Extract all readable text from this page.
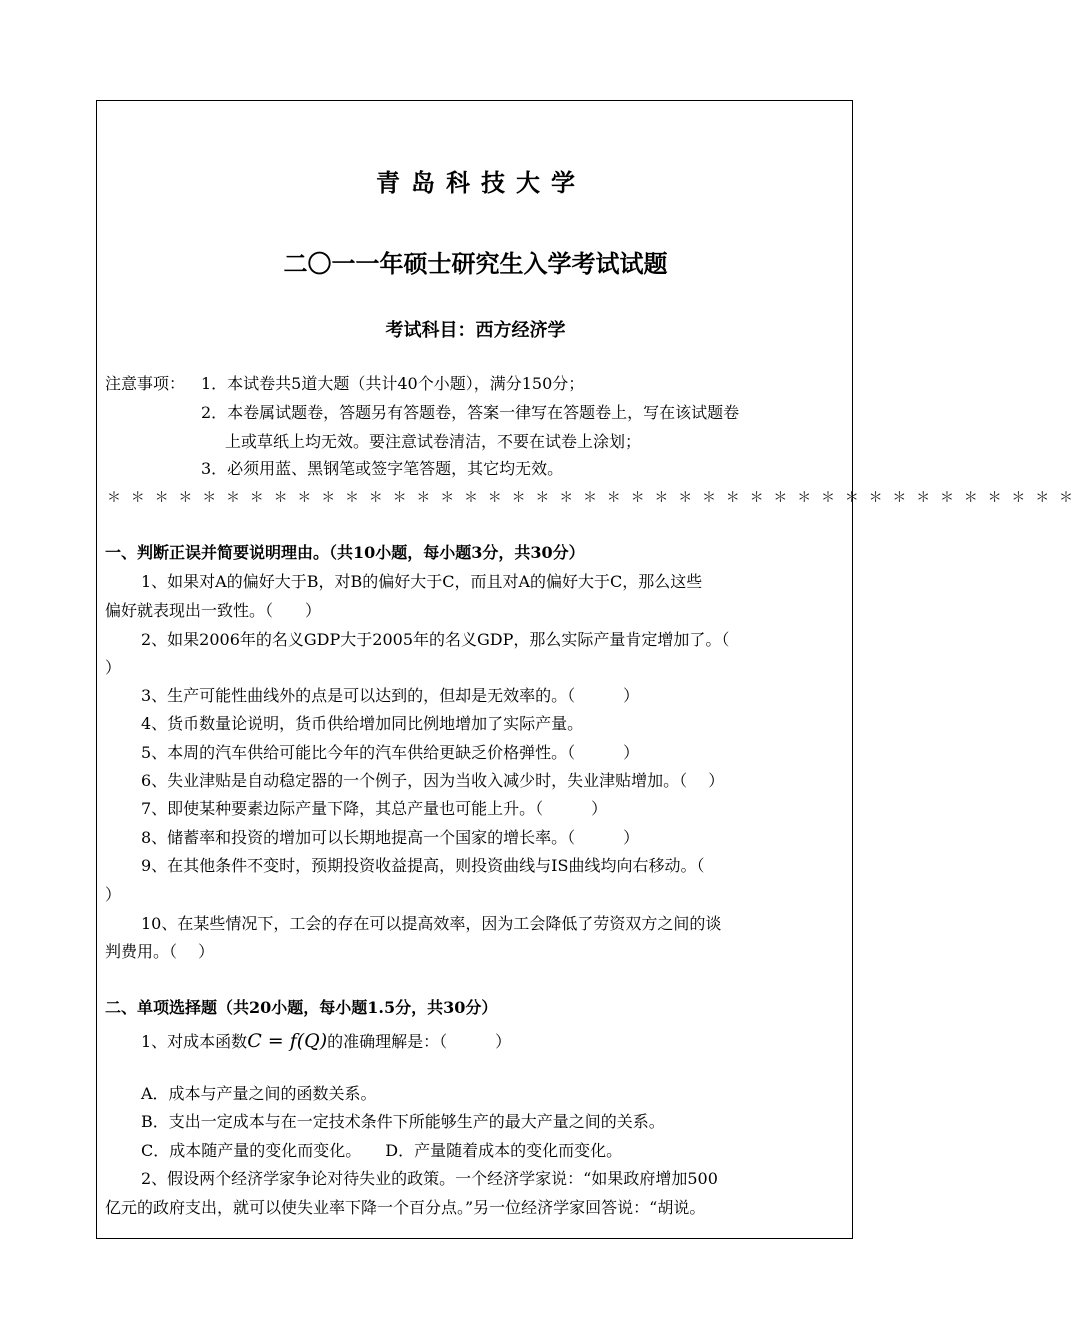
青岛科技大学
二〇一一年硕士研究生入学考试试题
考试科目：西方经济学
注意事项： 1．本试卷共5道大题（共计40个小题），满分150分；
2．本卷属试题卷，答题另有答题卷，答案一律写在答题卷上，写在该试题卷
上或草纸上均无效。要注意试卷清洁，不要在试卷上涂划；
3．必须用蓝、黑钢笔或签字笔答题，其它均无效。
＊＊＊＊＊＊＊＊＊＊＊＊＊＊＊＊＊＊＊＊＊＊＊＊＊＊＊＊＊＊＊＊＊＊＊＊＊＊＊＊＊
一、判断正误并简要说明理由。（共10小题，每小题3分，共30分）
1、如果对A的偏好大于B，对B的偏好大于C，而且对A的偏好大于C，那么这些
偏好就表现出一致性。（　　）
2、如果2006年的名义GDP大于2005年的名义GDP，那么实际产量肯定增加了。（
）
3、生产可能性曲线外的点是可以达到的，但却是无效率的。（　　　）
4、货币数量论说明，货币供给增加同比例地增加了实际产量。
5、本周的汽车供给可能比今年的汽车供给更缺乏价格弹性。（　　　）
6、失业津贴是自动稳定器的一个例子，因为当收入减少时，失业津贴增加。（　 ）
7、即使某种要素边际产量下降，其总产量也可能上升。（　　　）
8、储蓄率和投资的增加可以长期地提高一个国家的增长率。（　　　）
9、在其他条件不变时，预期投资收益提高，则投资曲线与IS曲线均向右移动。（
）
10、在某些情况下，工会的存在可以提高效率，因为工会降低了劳资双方之间的谈
判费用。（　 ）
二、单项选择题（共20小题，每小题1.5分，共30分）
1、对成本函数C = f(Q)的准确理解是：（　　　）
A．成本与产量之间的函数关系。
B．支出一定成本与在一定技术条件下所能够生产的最大产量之间的关系。
C．成本随产量的变化而变化。　　D．产量随着成本的变化而变化。
2、假设两个经济学家争论对待失业的政策。一个经济学家说：“如果政府增加500
亿元的政府支出，就可以使失业率下降一个百分点。”另一位经济学家回答说：“胡说。
